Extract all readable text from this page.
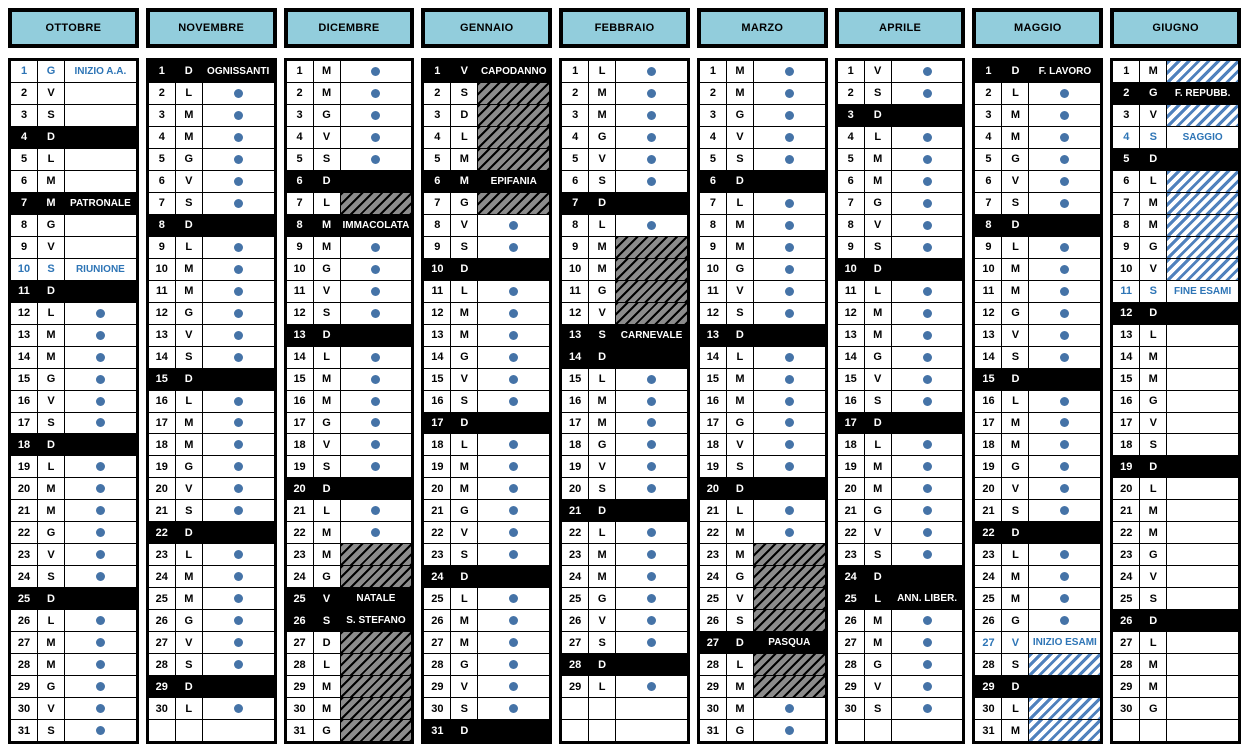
OTTOBRE
1	G	INIZIO A.A.
2	V
3	S
4	D
5	L
6	M
7	M	PATRONALE
8	G
9	V
10	S	RIUNIONE
11	D
12	L
13	M
14	M
15	G
16	V
17	S
18	D
19	L
20	M
21	M
22	G
23	V
24	S
25	D
26	L
27	M
28	M
29	G
30	V
31	S
NOVEMBRE
1	D	OGNISSANTI
2	L
3	M
4	M
5	G
6	V
7	S
8	D
9	L
10	M
11	M
12	G
13	V
14	S
15	D
16	L
17	M
18	M
19	G
20	V
21	S
22	D
23	L
24	M
25	M
26	G
27	V
28	S
29	D
30	L
DICEMBRE
1	M
2	M
3	G
4	V
5	S
6	D
7	L
8	M	IMMACOLATA
9	M
10	G
11	V
12	S
13	D
14	L
15	M
16	M
17	G
18	V
19	S
20	D
21	L
22	M
23	M
24	G
25	V	NATALE
26	S	S. STEFANO
27	D
28	L
29	M
30	M
31	G
GENNAIO
1	V	CAPODANNO
2	S
3	D
4	L
5	M
6	M	EPIFANIA
7	G
8	V
9	S
10	D
11	L
12	M
13	M
14	G
15	V
16	S
17	D
18	L
19	M
20	M
21	G
22	V
23	S
24	D
25	L
26	M
27	M
28	G
29	V
30	S
31	D
FEBBRAIO
1	L
2	M
3	M
4	G
5	V
6	S
7	D
8	L
9	M
10	M
11	G
12	V
13	S	CARNEVALE
14	D
15	L
16	M
17	M
18	G
19	V
20	S
21	D
22	L
23	M
24	M
25	G
26	V
27	S
28	D
29	L
MARZO
1	M
2	M
3	G
4	V
5	S
6	D
7	L
8	M
9	M
10	G
11	V
12	S
13	D
14	L
15	M
16	M
17	G
18	V
19	S
20	D
21	L
22	M
23	M
24	G
25	V
26	S
27	D	PASQUA
28	L
29	M
30	M
31	G
APRILE
1	V
2	S
3	D
4	L
5	M
6	M
7	G
8	V
9	S
10	D
11	L
12	M
13	M
14	G
15	V
16	S
17	D
18	L
19	M
20	M
21	G
22	V
23	S
24	D
25	L	ANN. LIBER.
26	M
27	M
28	G
29	V
30	S
MAGGIO
1	D	F. LAVORO
2	L
3	M
4	M
5	G
6	V
7	S
8	D
9	L
10	M
11	M
12	G
13	V
14	S
15	D
16	L
17	M
18	M
19	G
20	V
21	S
22	D
23	L
24	M
25	M
26	G
27	V	INIZIO ESAMI
28	S
29	D
30	L
31	M
GIUGNO
1	M
2	G	F. REPUBB.
3	V
4	S	SAGGIO
5	D
6	L
7	M
8	M
9	G
10	V
11	S	FINE ESAMI
12	D
13	L
14	M
15	M
16	G
17	V
18	S
19	D
20	L
21	M
22	M
23	G
24	V
25	S
26	D
27	L
28	M
29	M
30	G
